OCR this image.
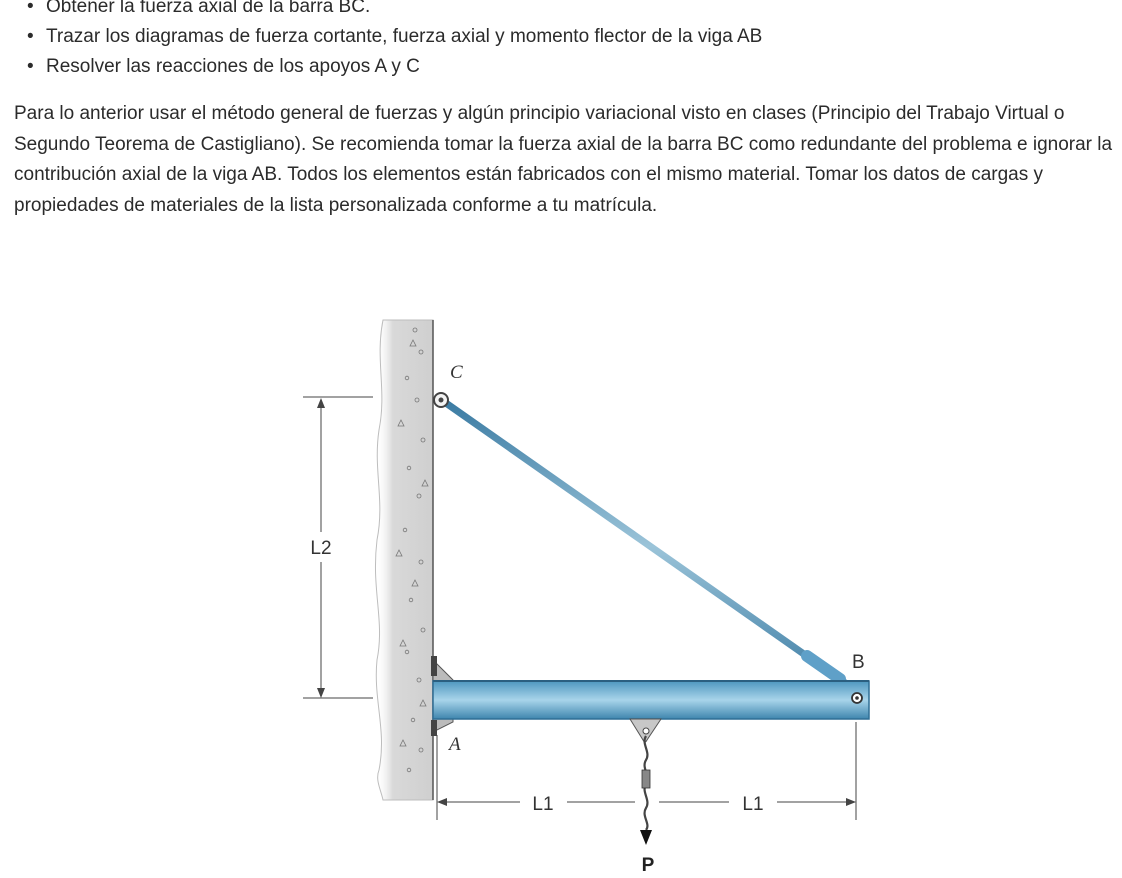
• Obtener la fuerza axial de la barra BC.
• Trazar los diagramas de fuerza cortante, fuerza axial y momento flector de la viga AB
• Resolver las reacciones de los apoyos A y C

Para lo anterior usar el método general de fuerzas y algún principio variacional visto en clases (Principio del Trabajo Virtual o Segundo Teorema de Castigliano). Se recomienda tomar la fuerza axial de la barra BC como redundante del problema e ignorar la contribución axial de la viga AB. Todos los elementos están fabricados con el mismo material. Tomar los datos de cargas y propiedades de materiales de la lista personalizada conforme a tu matrícula.

L2
C
B
A
P
L1	L1
